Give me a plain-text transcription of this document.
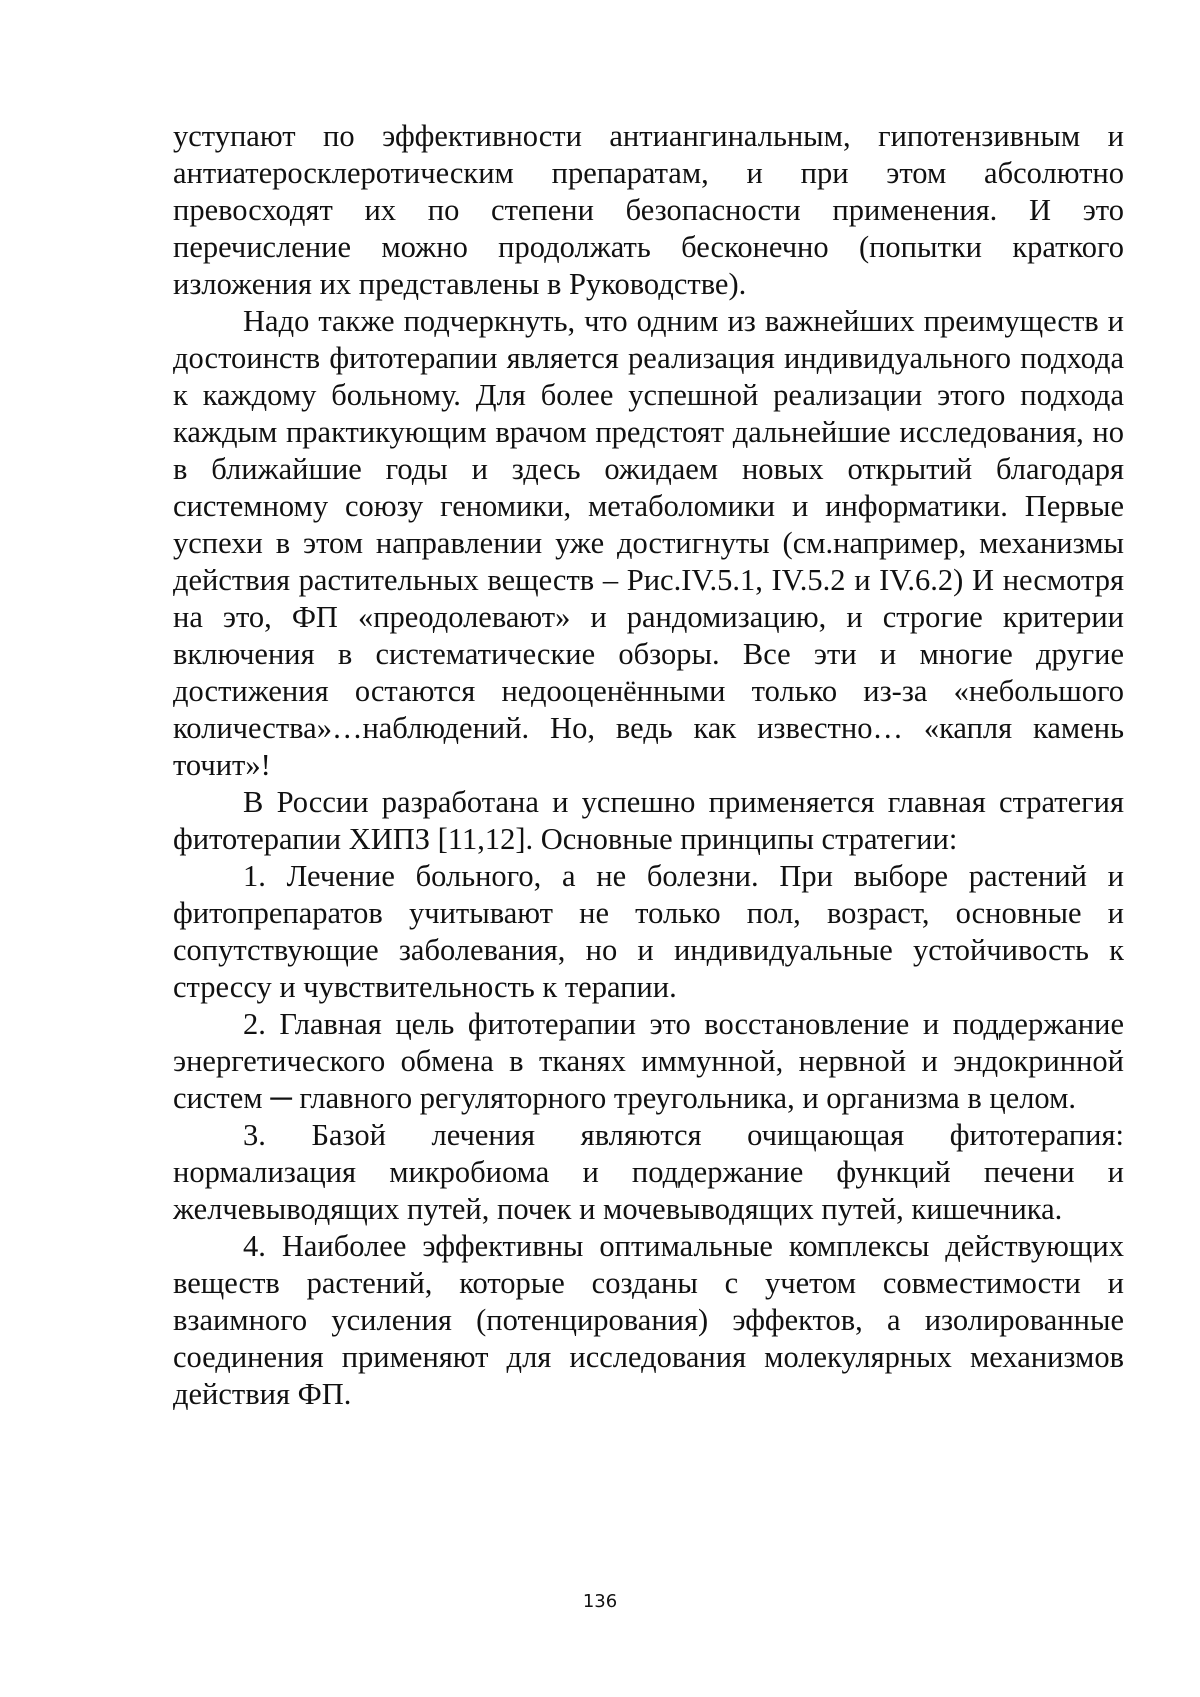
уступают по эффективности антиангинальным, гипотензивным и антиатеросклеротическим препаратам, и при этом абсолютно превосходят их по степени безопасности применения. И это перечисление можно продолжать бесконечно (попытки краткого изложения их представлены в Руководстве).

Надо также подчеркнуть, что одним из важнейших преимуществ и достоинств фитотерапии является реализация индивидуального подхода к каждому больному. Для более успешной реализации этого подхода каждым практикующим врачом предстоят дальнейшие исследования, но в ближайшие годы и здесь ожидаем новых открытий благодаря системному союзу геномики, метаболомики и информатики. Первые успехи в этом направлении уже достигнуты (см.например, механизмы действия растительных веществ – Рис.IV.5.1, IV.5.2 и IV.6.2) И несмотря на это, ФП «преодолевают» и рандомизацию, и строгие критерии включения в систематические обзоры. Все эти и многие другие достижения остаются недооценёнными только из-за «небольшого количества»…наблюдений. Но, ведь как известно… «капля камень точит»!

В России разработана и успешно применяется главная стратегия фитотерапии ХИПЗ [11,12]. Основные принципы стратегии:

1. Лечение больного, а не болезни. При выборе растений и фитопрепаратов учитывают не только пол, возраст, основные и сопутствующие заболевания, но и индивидуальные устойчивость к стрессу и чувствительность к терапии.

2. Главная цель фитотерапии это восстановление и поддержание энергетического обмена в тканях иммунной, нервной и эндокринной систем ─ главного регуляторного треугольника, и организма в целом.

3. Базой лечения являются очищающая фитотерапия: нормализация микробиома и поддержание функций печени и желчевыводящих путей, почек и мочевыводящих путей, кишечника.

4. Наиболее эффективны оптимальные комплексы действующих веществ растений, которые созданы с учетом совместимости и взаимного усиления (потенцирования) эффектов, а изолированные соединения применяют для исследования молекулярных механизмов действия ФП.

136
